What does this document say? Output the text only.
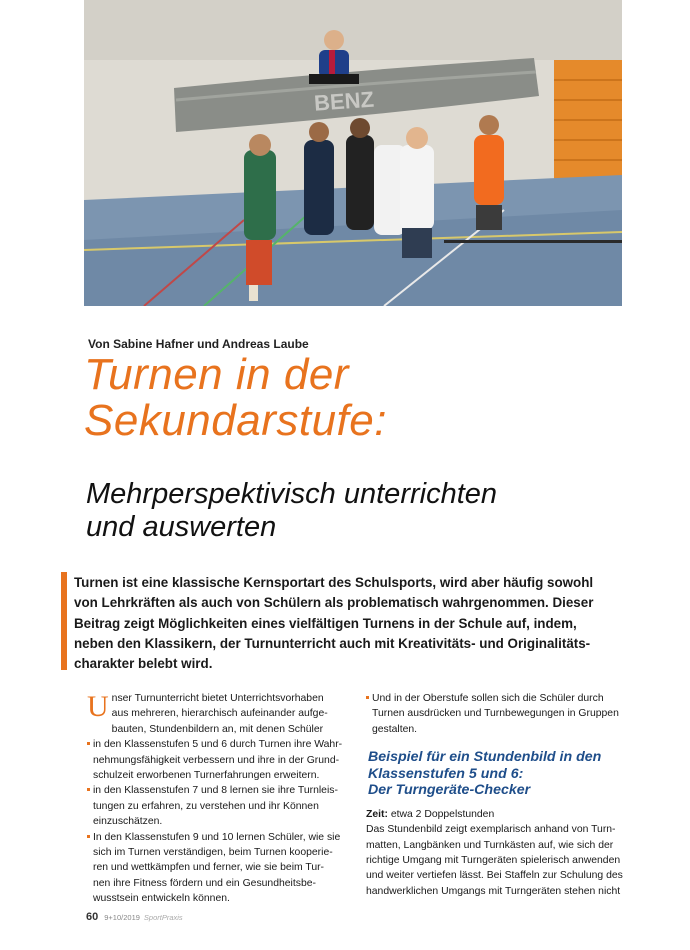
BENZ
Von Sabine Hafner und Andreas Laube
Turnen in der
Sekundarstufe:
Mehrperspektivisch unterrichten
und auswerten
Turnen ist eine klassische Kernsportart des Schulsports, wird aber häufig sowohl
von Lehrkräften als auch von Schülern als problematisch wahrgenommen. Dieser
Beitrag zeigt Möglichkeiten eines vielfältigen Turnens in der Schule auf, indem,
neben den Klassikern, der Turnunterricht auch mit Kreativitäts- und Originalitäts-
charakter belebt wird.
U nser Turnunterricht bietet Unterrichtsvorhaben
aus mehreren, hierarchisch aufeinander aufge-
bauten, Stundenbildern an, mit denen Schüler
in den Klassenstufen 5 und 6 durch Turnen ihre Wahr-
nehmungsfähigkeit verbessern und ihre in der Grund-
schulzeit erworbenen Turnerfahrungen erweitern.
in den Klassenstufen 7 und 8 lernen sie ihre Turnleis-
tungen zu erfahren, zu verstehen und ihr Können
einzuschätzen.
In den Klassenstufen 9 und 10 lernen Schüler, wie sie
sich im Turnen verständigen, beim Turnen kooperie-
ren und wettkämpfen und ferner, wie sie beim Tur-
nen ihre Fitness fördern und ein Gesundheitsbe-
wusstsein entwickeln können.
Und in der Oberstufe sollen sich die Schüler durch
Turnen ausdrücken und Turnbewegungen in Gruppen
gestalten.
Beispiel für ein Stundenbild in den
Klassenstufen 5 und 6:
Der Turngeräte-Checker
Zeit: etwa 2 Doppelstunden
Das Stundenbild zeigt exemplarisch anhand von Turn-
matten, Langbänken und Turnkästen auf, wie sich der
richtige Umgang mit Turngeräten spielerisch anwenden
und weiter vertiefen lässt. Bei Staffeln zur Schulung des
handwerklichen Umgangs mit Turngeräten stehen nicht
60 9+10/2019 SportPraxis
